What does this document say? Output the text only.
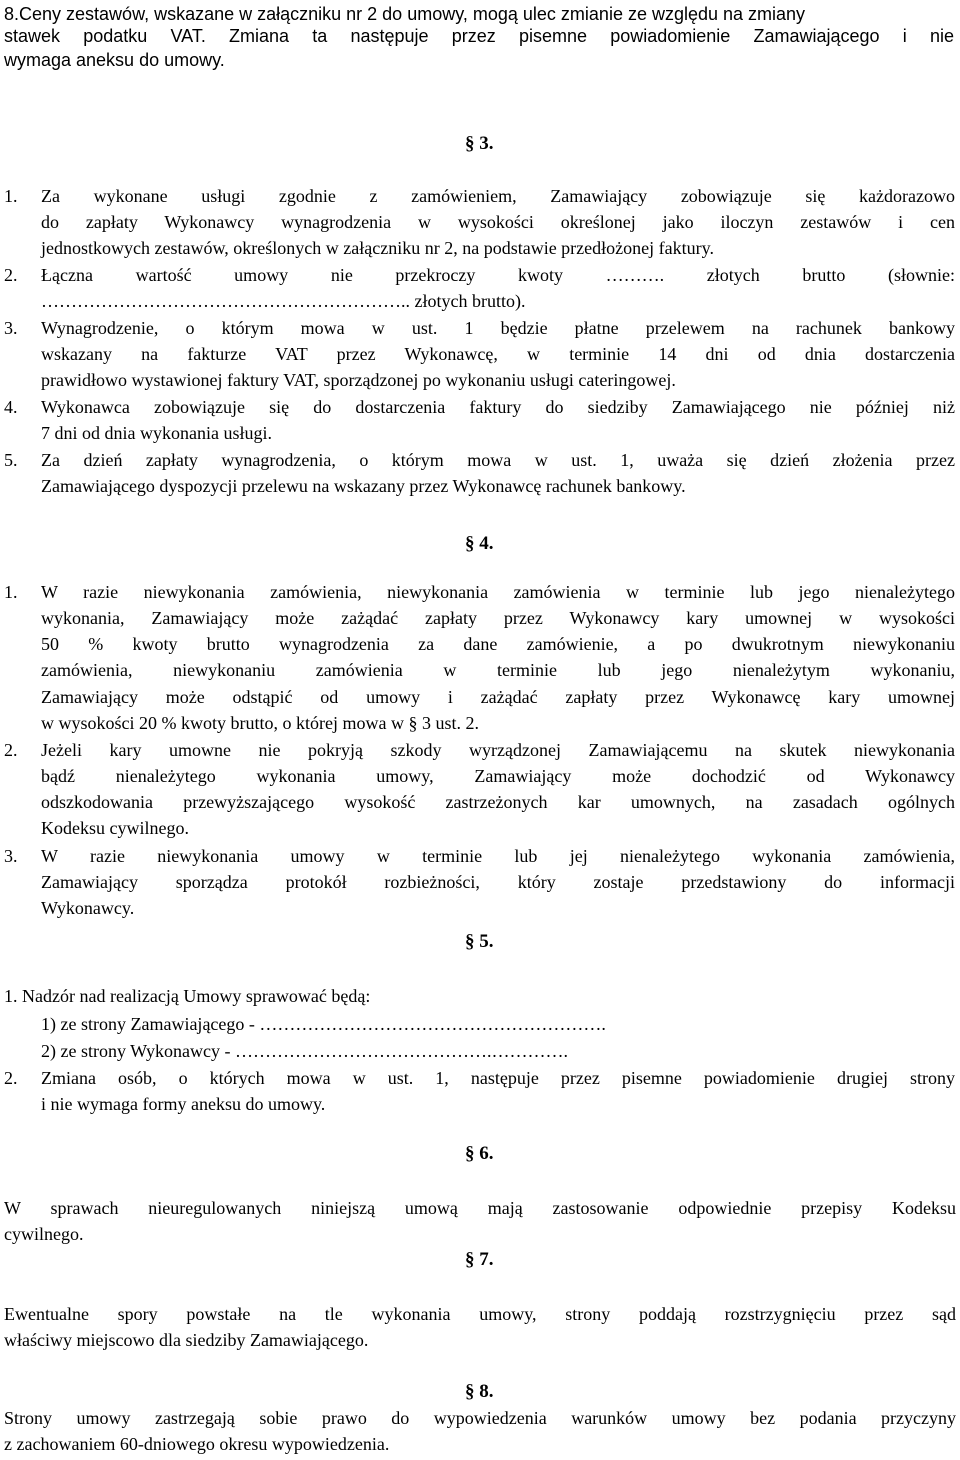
8.Ceny zestawów, wskazane w załączniku nr 2 do umowy, mogą ulec zmianie ze względu na zmiany
stawek podatku VAT. Zmiana ta następuje przez pisemne powiadomienie Zamawiającego i nie
wymaga aneksu do umowy.
§ 3.
1. Za wykonane usługi zgodnie z zamówieniem, Zamawiający zobowiązuje się każdorazowo
do zapłaty Wykonawcy wynagrodzenia w wysokości określonej jako iloczyn zestawów i cen
jednostkowych zestawów, określonych w załączniku nr 2, na podstawie przedłożonej faktury.
2. Łączna wartość umowy nie przekroczy kwoty ………. złotych brutto (słownie:
…………………………………………………….. złotych brutto).
3. Wynagrodzenie, o którym mowa w ust. 1 będzie płatne przelewem na rachunek bankowy
wskazany na fakturze VAT przez Wykonawcę, w terminie 14 dni od dnia dostarczenia
prawidłowo wystawionej faktury VAT, sporządzonej po wykonaniu usługi cateringowej.
4. Wykonawca zobowiązuje się do dostarczenia faktury do siedziby Zamawiającego nie później niż
7 dni od dnia wykonania usługi.
5. Za dzień zapłaty wynagrodzenia, o którym mowa w ust. 1, uważa się dzień złożenia przez
Zamawiającego dyspozycji przelewu na wskazany przez Wykonawcę rachunek bankowy.
§ 4.
1. W razie niewykonania zamówienia, niewykonania zamówienia w terminie lub jego nienależytego
wykonania, Zamawiający może zażądać zapłaty przez Wykonawcy kary umownej w wysokości
50 % kwoty brutto wynagrodzenia za dane zamówienie, a po dwukrotnym niewykonaniu
zamówienia, niewykonaniu zamówienia w terminie lub jego nienależytym wykonaniu,
Zamawiający może odstąpić od umowy i zażądać zapłaty przez Wykonawcę kary umownej
w wysokości 20 % kwoty brutto, o której mowa w § 3 ust. 2.
2. Jeżeli kary umowne nie pokryją szkody wyrządzonej Zamawiającemu na skutek niewykonania
bądź nienależytego wykonania umowy, Zamawiający może dochodzić od Wykonawcy
odszkodowania przewyższającego wysokość zastrzeżonych kar umownych, na zasadach ogólnych
Kodeksu cywilnego.
3. W razie niewykonania umowy w terminie lub jej nienależytego wykonania zamówienia,
Zamawiający sporządza protokół rozbieżności, który zostaje przedstawiony do informacji
Wykonawcy.
§ 5.
1. Nadzór nad realizacją Umowy sprawować będą:
1) ze strony Zamawiającego - ………………………………………………….
2) ze strony Wykonawcy - …………………………………….………….
2. Zmiana osób, o których mowa w ust. 1, następuje przez pisemne powiadomienie drugiej strony
i nie wymaga formy aneksu do umowy.
§ 6.
W sprawach nieuregulowanych niniejszą umową mają zastosowanie odpowiednie przepisy Kodeksu
cywilnego.
§ 7.
Ewentualne spory powstałe na tle wykonania umowy, strony poddają rozstrzygnięciu przez sąd
właściwy miejscowo dla siedziby Zamawiającego.
§ 8.
Strony umowy zastrzegają sobie prawo do wypowiedzenia warunków umowy bez podania przyczyny
z zachowaniem 60-dniowego okresu wypowiedzenia.
